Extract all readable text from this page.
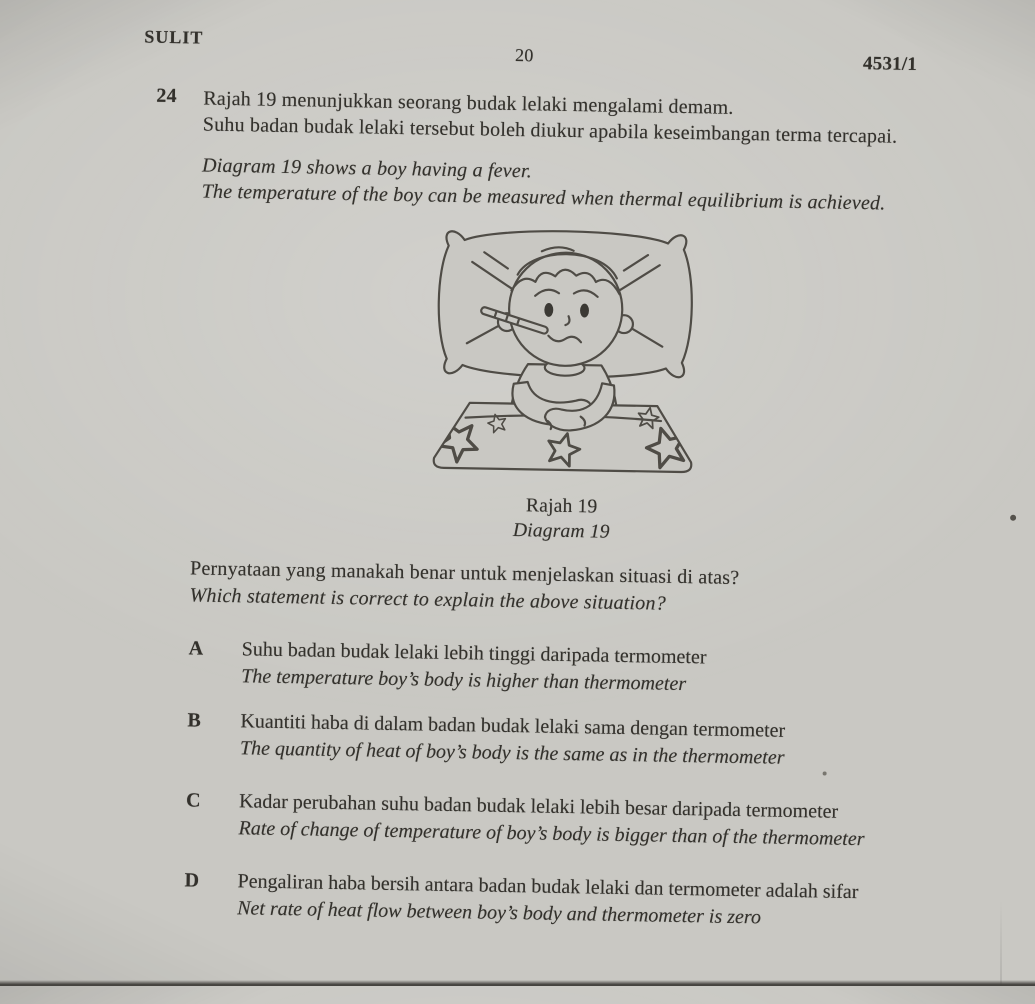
SULIT
20	4531/1
24 Rajah 19 menunjukkan seorang budak lelaki mengalami demam.
Suhu badan budak lelaki tersebut boleh diukur apabila keseimbangan terma tercapai.
Diagram 19 shows a boy having a fever.
The temperature of the boy can be measured when thermal equilibrium is achieved.
Rajah 19
Diagram 19
Pernyataan yang manakah benar untuk menjelaskan situasi di atas?
Which statement is correct to explain the above situation?
A	Suhu badan budak lelaki lebih tinggi daripada termometer
The temperature boy’s body is higher than thermometer
B	Kuantiti haba di dalam badan budak lelaki sama dengan termometer
The quantity of heat of boy’s body is the same as in the thermometer
C	Kadar perubahan suhu badan budak lelaki lebih besar daripada termometer
Rate of change of temperature of boy’s body is bigger than of the thermometer
D	Pengaliran haba bersih antara badan budak lelaki dan termometer adalah sifar
Net rate of heat flow between boy’s body and thermometer is zero
